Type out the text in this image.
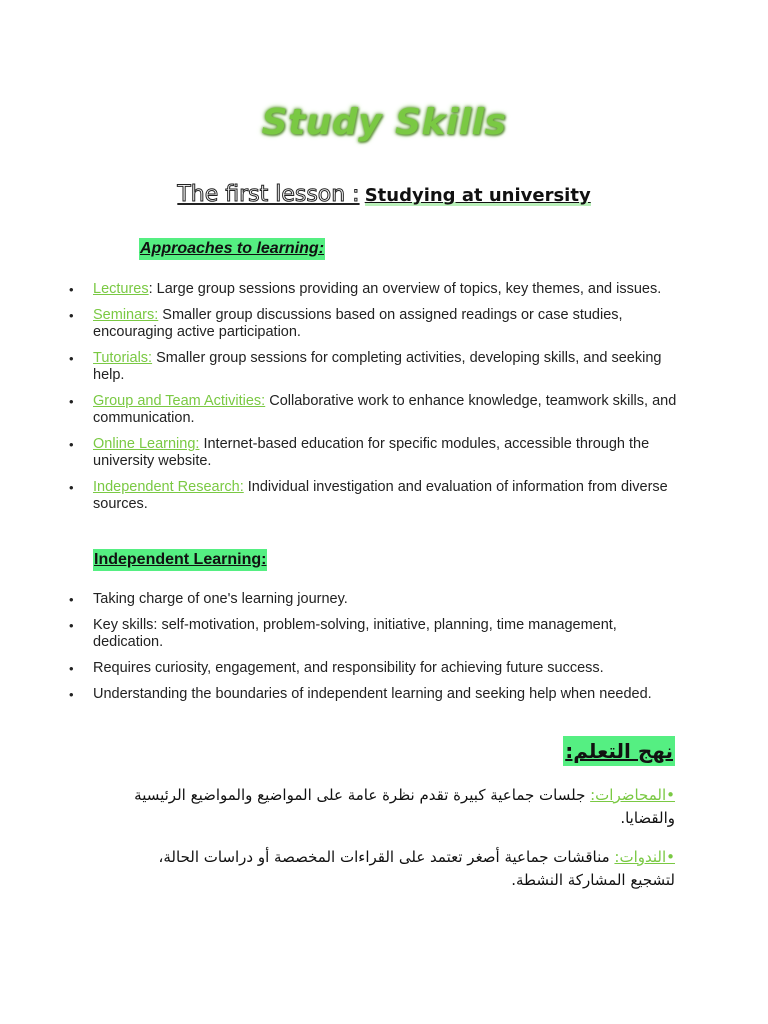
Study Skills
The first lesson : Studying at university
Approaches to learning:
• Lectures: Large group sessions providing an overview of topics, key themes, and issues.
• Seminars: Smaller group discussions based on assigned readings or case studies, encouraging active participation.
• Tutorials: Smaller group sessions for completing activities, developing skills, and seeking help.
• Group and Team Activities: Collaborative work to enhance knowledge, teamwork skills, and communication.
• Online Learning: Internet-based education for specific modules, accessible through the university website.
• Independent Research: Individual investigation and evaluation of information from diverse sources.
Independent Learning:
• Taking charge of one's learning journey.
• Key skills: self-motivation, problem-solving, initiative, planning, time management, dedication.
• Requires curiosity, engagement, and responsibility for achieving future success.
• Understanding the boundaries of independent learning and seeking help when needed.
نهج التعلم:
•المحاضرات: جلسات جماعية كبيرة تقدم نظرة عامة على المواضيع والمواضيع الرئيسية والقضايا.
•الندوات: مناقشات جماعية أصغر تعتمد على القراءات المخصصة أو دراسات الحالة، لتشجيع المشاركة النشطة.
